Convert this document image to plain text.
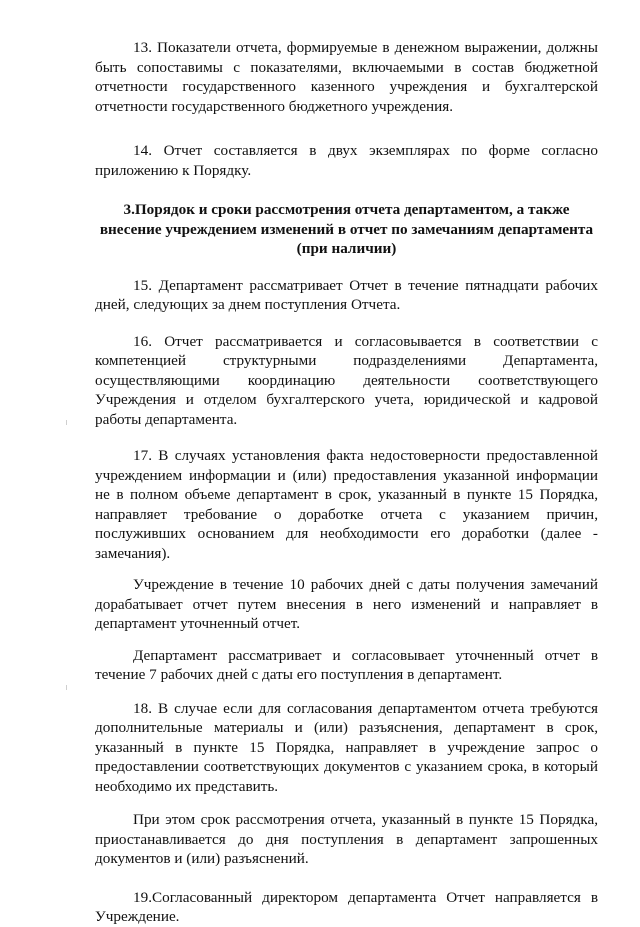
13. Показатели отчета, формируемые в денежном выражении, должны быть сопоставимы с показателями, включаемыми в состав бюджетной отчетности государственного казенного учреждения и бухгалтерской отчетности государственного бюджетного учреждения.

14. Отчет составляется в двух экземплярах по форме согласно приложению к Порядку.

3.Порядок и сроки рассмотрения отчета департаментом, а также внесение учреждением изменений в отчет по замечаниям департамента (при наличии)

15. Департамент рассматривает Отчет в течение пятнадцати рабочих дней, следующих за днем поступления Отчета.

16. Отчет рассматривается и согласовывается в соответствии с компетенцией структурными подразделениями Департамента, осуществляющими координацию деятельности соответствующего Учреждения и отделом бухгалтерского учета, юридической и кадровой работы департамента.

17. В случаях установления факта недостоверности предоставленной учреждением информации и (или) предоставления указанной информации не в полном объеме департамент в срок, указанный в пункте 15 Порядка, направляет требование о доработке отчета с указанием причин, послуживших основанием для необходимости его доработки (далее - замечания).

Учреждение в течение 10 рабочих дней с даты получения замечаний дорабатывает отчет путем внесения в него изменений и направляет в департамент уточненный отчет.

Департамент рассматривает и согласовывает уточненный отчет в течение 7 рабочих дней с даты его поступления в департамент.

18. В случае если для согласования департаментом отчета требуются дополнительные материалы и (или) разъяснения, департамент в срок, указанный в пункте 15 Порядка, направляет в учреждение запрос о предоставлении соответствующих документов с указанием срока, в который необходимо их представить.

При этом срок рассмотрения отчета, указанный в пункте 15 Порядка, приостанавливается до дня поступления в департамент запрошенных документов и (или) разъяснений.

19.Согласованный директором департамента Отчет направляется в Учреждение.
